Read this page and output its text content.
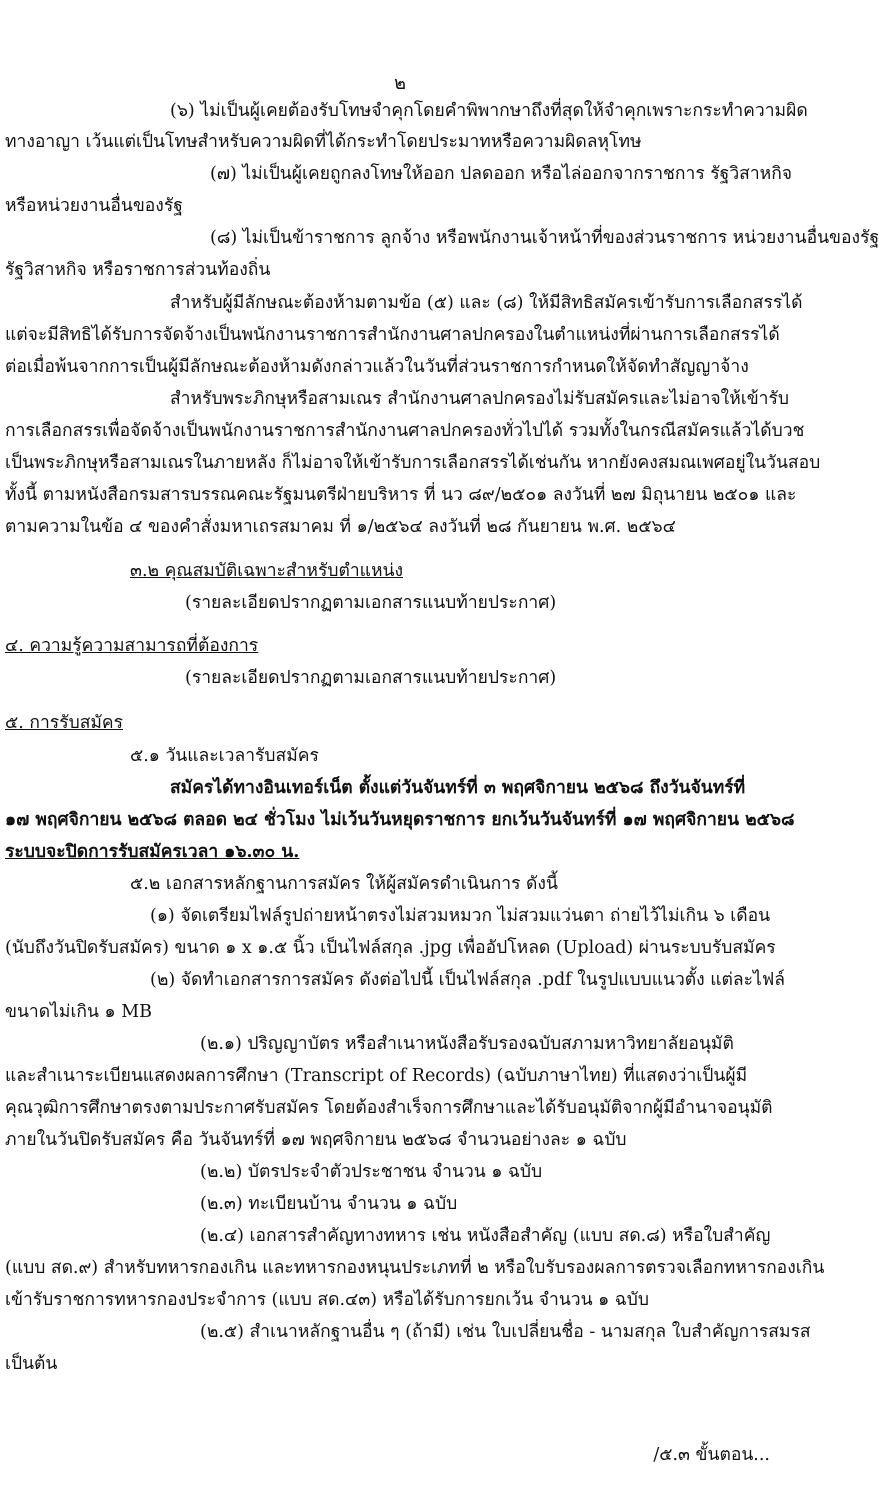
๒
(๖) ไม่เป็นผู้เคยต้องรับโทษจำคุกโดยคำพิพากษาถึงที่สุดให้จำคุกเพราะกระทำความผิด
ทางอาญา เว้นแต่เป็นโทษสำหรับความผิดที่ได้กระทำโดยประมาทหรือความผิดลหุโทษ
(๗) ไม่เป็นผู้เคยถูกลงโทษให้ออก ปลดออก หรือไล่ออกจากราชการ รัฐวิสาหกิจ
หรือหน่วยงานอื่นของรัฐ
(๘) ไม่เป็นข้าราชการ ลูกจ้าง หรือพนักงานเจ้าหน้าที่ของส่วนราชการ หน่วยงานอื่นของรัฐ
รัฐวิสาหกิจ หรือราชการส่วนท้องถิ่น
สำหรับผู้มีลักษณะต้องห้ามตามข้อ (๕) และ (๘) ให้มีสิทธิสมัครเข้ารับการเลือกสรรได้
แต่จะมีสิทธิได้รับการจัดจ้างเป็นพนักงานราชการสำนักงานศาลปกครองในตำแหน่งที่ผ่านการเลือกสรรได้
ต่อเมื่อพ้นจากการเป็นผู้มีลักษณะต้องห้ามดังกล่าวแล้วในวันที่ส่วนราชการกำหนดให้จัดทำสัญญาจ้าง
สำหรับพระภิกษุหรือสามเณร สำนักงานศาลปกครองไม่รับสมัครและไม่อาจให้เข้ารับ
การเลือกสรรเพื่อจัดจ้างเป็นพนักงานราชการสำนักงานศาลปกครองทั่วไปได้ รวมทั้งในกรณีสมัครแล้วได้บวช
เป็นพระภิกษุหรือสามเณรในภายหลัง ก็ไม่อาจให้เข้ารับการเลือกสรรได้เช่นกัน หากยังคงสมณเพศอยู่ในวันสอบ
ทั้งนี้ ตามหนังสือกรมสารบรรณคณะรัฐมนตรีฝ่ายบริหาร ที่ นว ๘๙/๒๕๐๑ ลงวันที่ ๒๗ มิถุนายน ๒๕๐๑ และ
ตามความในข้อ ๔ ของคำสั่งมหาเถรสมาคม ที่ ๑/๒๕๖๔ ลงวันที่ ๒๘ กันยายน พ.ศ. ๒๕๖๔
๓.๒ คุณสมบัติเฉพาะสำหรับตำแหน่ง
(รายละเอียดปรากฏตามเอกสารแนบท้ายประกาศ)
๔. ความรู้ความสามารถที่ต้องการ
(รายละเอียดปรากฏตามเอกสารแนบท้ายประกาศ)
๕. การรับสมัคร
๕.๑ วันและเวลารับสมัคร
สมัครได้ทางอินเทอร์เน็ต ตั้งแต่วันจันทร์ที่ ๓ พฤศจิกายน ๒๕๖๘ ถึงวันจันทร์ที่
๑๗ พฤศจิกายน ๒๕๖๘ ตลอด ๒๔ ชั่วโมง ไม่เว้นวันหยุดราชการ ยกเว้นวันจันทร์ที่ ๑๗ พฤศจิกายน ๒๕๖๘
ระบบจะปิดการรับสมัครเวลา ๑๖.๓๐ น.
๕.๒ เอกสารหลักฐานการสมัคร ให้ผู้สมัครดำเนินการ ดังนี้
(๑) จัดเตรียมไฟล์รูปถ่ายหน้าตรงไม่สวมหมวก ไม่สวมแว่นตา ถ่ายไว้ไม่เกิน ๖ เดือน
(นับถึงวันปิดรับสมัคร) ขนาด ๑ x ๑.๕ นิ้ว เป็นไฟล์สกุล .jpg เพื่ออัปโหลด (Upload) ผ่านระบบรับสมัคร
(๒) จัดทำเอกสารการสมัคร ดังต่อไปนี้ เป็นไฟล์สกุล .pdf ในรูปแบบแนวตั้ง แต่ละไฟล์
ขนาดไม่เกิน ๑ MB
(๒.๑) ปริญญาบัตร หรือสำเนาหนังสือรับรองฉบับสภามหาวิทยาลัยอนุมัติ
และสำเนาระเบียนแสดงผลการศึกษา (Transcript of Records) (ฉบับภาษาไทย) ที่แสดงว่าเป็นผู้มี
คุณวุฒิการศึกษาตรงตามประกาศรับสมัคร โดยต้องสำเร็จการศึกษาและได้รับอนุมัติจากผู้มีอำนาจอนุมัติ
ภายในวันปิดรับสมัคร คือ วันจันทร์ที่ ๑๗ พฤศจิกายน ๒๕๖๘ จำนวนอย่างละ ๑ ฉบับ
(๒.๒) บัตรประจำตัวประชาชน จำนวน ๑ ฉบับ
(๒.๓) ทะเบียนบ้าน จำนวน ๑ ฉบับ
(๒.๔) เอกสารสำคัญทางทหาร เช่น หนังสือสำคัญ (แบบ สด.๘) หรือใบสำคัญ
(แบบ สด.๙) สำหรับทหารกองเกิน และทหารกองหนุนประเภทที่ ๒ หรือใบรับรองผลการตรวจเลือกทหารกองเกิน
เข้ารับราชการทหารกองประจำการ (แบบ สด.๔๓) หรือได้รับการยกเว้น จำนวน ๑ ฉบับ
(๒.๕) สำเนาหลักฐานอื่น ๆ (ถ้ามี) เช่น ใบเปลี่ยนชื่อ - นามสกุล ใบสำคัญการสมรส
เป็นต้น
/๕.๓ ขั้นตอน...
